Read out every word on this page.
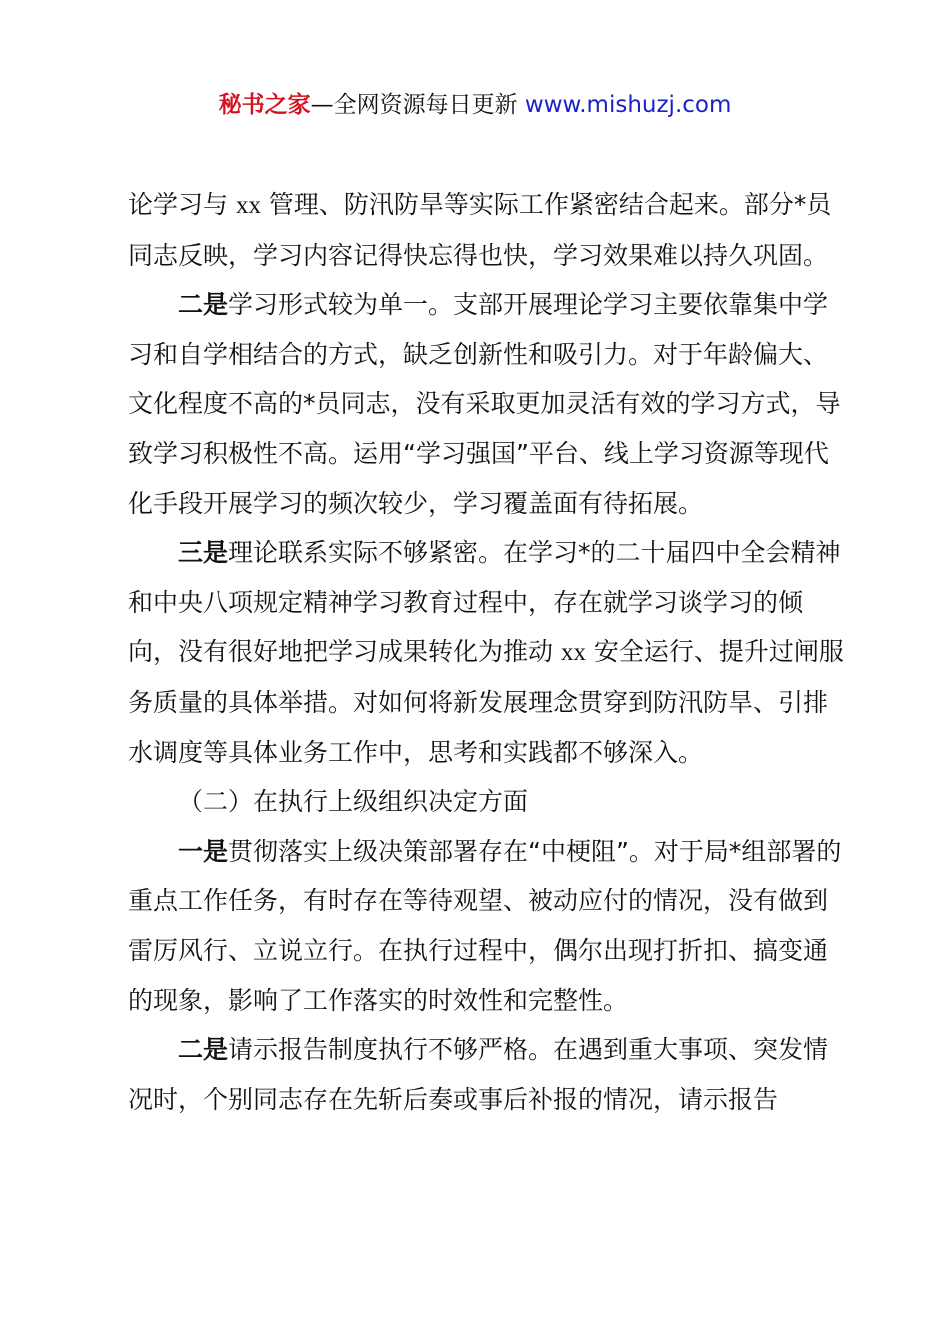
秘书之家—全网资源每日更新 www.mishuzj.com

论学习与 xx 管理、防汛防旱等实际工作紧密结合起来。部分*员同志反映，学习内容记得快忘得也快，学习效果难以持久巩固。

二是学习形式较为单一。支部开展理论学习主要依靠集中学习和自学相结合的方式，缺乏创新性和吸引力。对于年龄偏大、文化程度不高的*员同志，没有采取更加灵活有效的学习方式，导致学习积极性不高。运用“学习强国”平台、线上学习资源等现代化手段开展学习的频次较少，学习覆盖面有待拓展。

三是理论联系实际不够紧密。在学习*的二十届四中全会精神和中央八项规定精神学习教育过程中，存在就学习谈学习的倾向，没有很好地把学习成果转化为推动 xx 安全运行、提升过闸服务质量的具体举措。对如何将新发展理念贯穿到防汛防旱、引排水调度等具体业务工作中，思考和实践都不够深入。

（二）在执行上级组织决定方面

一是贯彻落实上级决策部署存在“中梗阻”。对于局*组部署的重点工作任务，有时存在等待观望、被动应付的情况，没有做到雷厉风行、立说立行。在执行过程中，偶尔出现打折扣、搞变通的现象，影响了工作落实的时效性和完整性。

二是请示报告制度执行不够严格。在遇到重大事项、突发情况时，个别同志存在先斩后奏或事后补报的情况，请示报告
